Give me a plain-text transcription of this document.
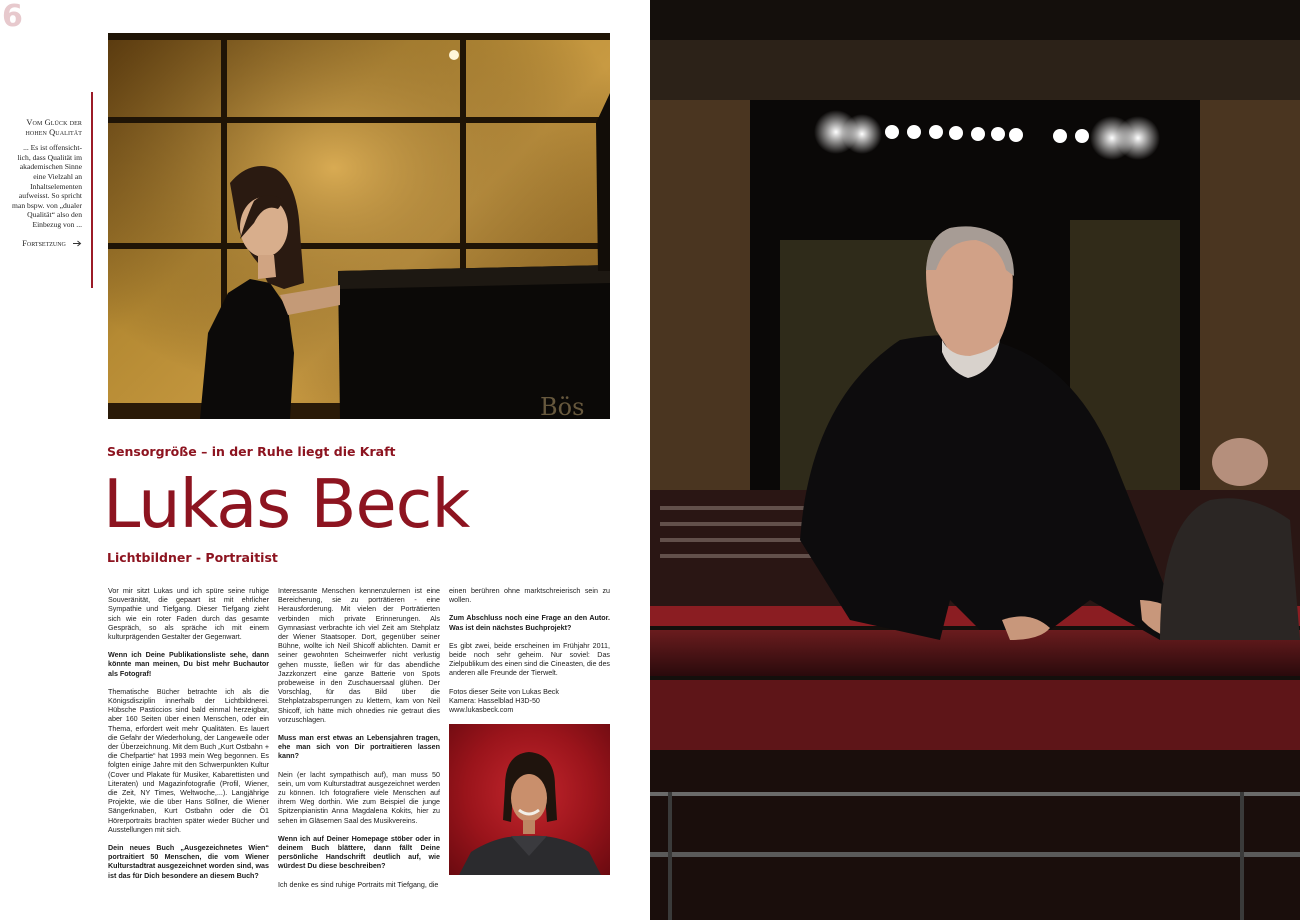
6
Vom Glück der
hohen Qualität
... Es ist offensicht-lich, dass Qualität im akademischen Sinne eine Vielzahl an Inhaltselementen aufweisst. So spricht man bspw. von „dualer Qualität“ also den Einbezug von ...
Fortsetzung
Bös
Sensorgröße – in der Ruhe liegt die Kraft
Lukas Beck
Lichtbildner - Portraitist

Vor mir sitzt Lukas und ich spüre seine ruhige Souveränität, die gepaart ist mit ehrlicher Sympathie und Tiefgang. Dieser Tiefgang zieht sich wie ein roter Faden durch das gesamte Gespräch, so als spräche ich mit einem kulturprägenden Gestalter der Gegenwart.

Wenn ich Deine Publikationsliste sehe, dann könnte man meinen, Du bist mehr Buchautor als Fotograf!

Thematische Bücher betrachte ich als die Königsdisziplin innerhalb der Lichtbildnerei. Hübsche Pasticcios sind bald einmal herzeigbar, aber 160 Seiten über einen Menschen, oder ein Thema, erfordert weit mehr Qualitäten. Es lauert die Gefahr der Wiederholung, der Langeweile oder der Überzeichnung. Mit dem Buch „Kurt Ostbahn + die Chefpartie“ hat 1993 mein Weg begonnen. Es folgten einige Jahre mit den Schwerpunkten Kultur (Cover und Plakate für Musiker, Kabarettisten und Literaten) und Magazinfotografie (Profil, Wiener, die Zeit, NY Times, Weltwoche,...). Langjährige Projekte, wie die über Hans Söllner, die Wiener Sängerknaben, Kurt Ostbahn oder die Ö1 Hörerportraits brachten später wieder Bücher und Ausstellungen mit sich.

Dein neues Buch „Ausgezeichnetes Wien“ portraitiert 50 Menschen, die vom Wiener Kulturstadtrat ausgezeichnet worden sind, was ist das für Dich besondere an diesem Buch?

Interessante Menschen kennenzulernen ist eine Bereicherung, sie zu porträtieren - eine Herausforderung. Mit vielen der Porträtierten verbinden mich private Erinnerungen. Als Gymnasiast verbrachte ich viel Zeit am Stehplatz der Wiener Staatsoper. Dort, gegenüber seiner Bühne, wollte ich Neil Shicoff ablichten. Damit er seiner gewohnten Scheinwerfer nicht verlustig gehen musste, ließen wir für das abendliche Jazzkonzert eine ganze Batterie von Spots probeweise in den Zuschauersaal glühen. Der Vorschlag, für das Bild über die Stehplatzabsperrungen zu klettern, kam von Neil Shicoff, ich hätte mich ohnedies nie getraut dies vorzuschlagen.

Muss man erst etwas an Lebensjahren tragen, ehe man sich von Dir portraitieren lassen kann?

Nein (er lacht sympathisch auf), man muss 50 sein, um vom Kulturstadtrat ausgezeichnet werden zu können. Ich fotografiere viele Menschen auf ihrem Weg dorthin. Wie zum Beispiel die junge Spitzenpianistin Anna Magdalena Kokits, hier zu sehen im Gläsernen Saal des Musikvereins.

Wenn ich auf Deiner Homepage stöber oder in deinem Buch blättere, dann fällt Deine persönliche Handschrift deutlich auf, wie würdest Du diese beschreiben?

Ich denke es sind ruhige Portraits mit Tiefgang, die

einen berühren ohne marktschreierisch sein zu wollen.

Zum Abschluss noch eine Frage an den Autor. Was ist dein nächstes Buchprojekt?

Es gibt zwei, beide erscheinen im Frühjahr 2011, beide noch sehr geheim. Nur soviel: Das Zielpublikum des einen sind die Cineasten, die des anderen alle Freunde der Tierwelt.

Fotos dieser Seite von Lukas Beck

Kamera: Hasselblad H3D-50

www.lukasbeck.com
